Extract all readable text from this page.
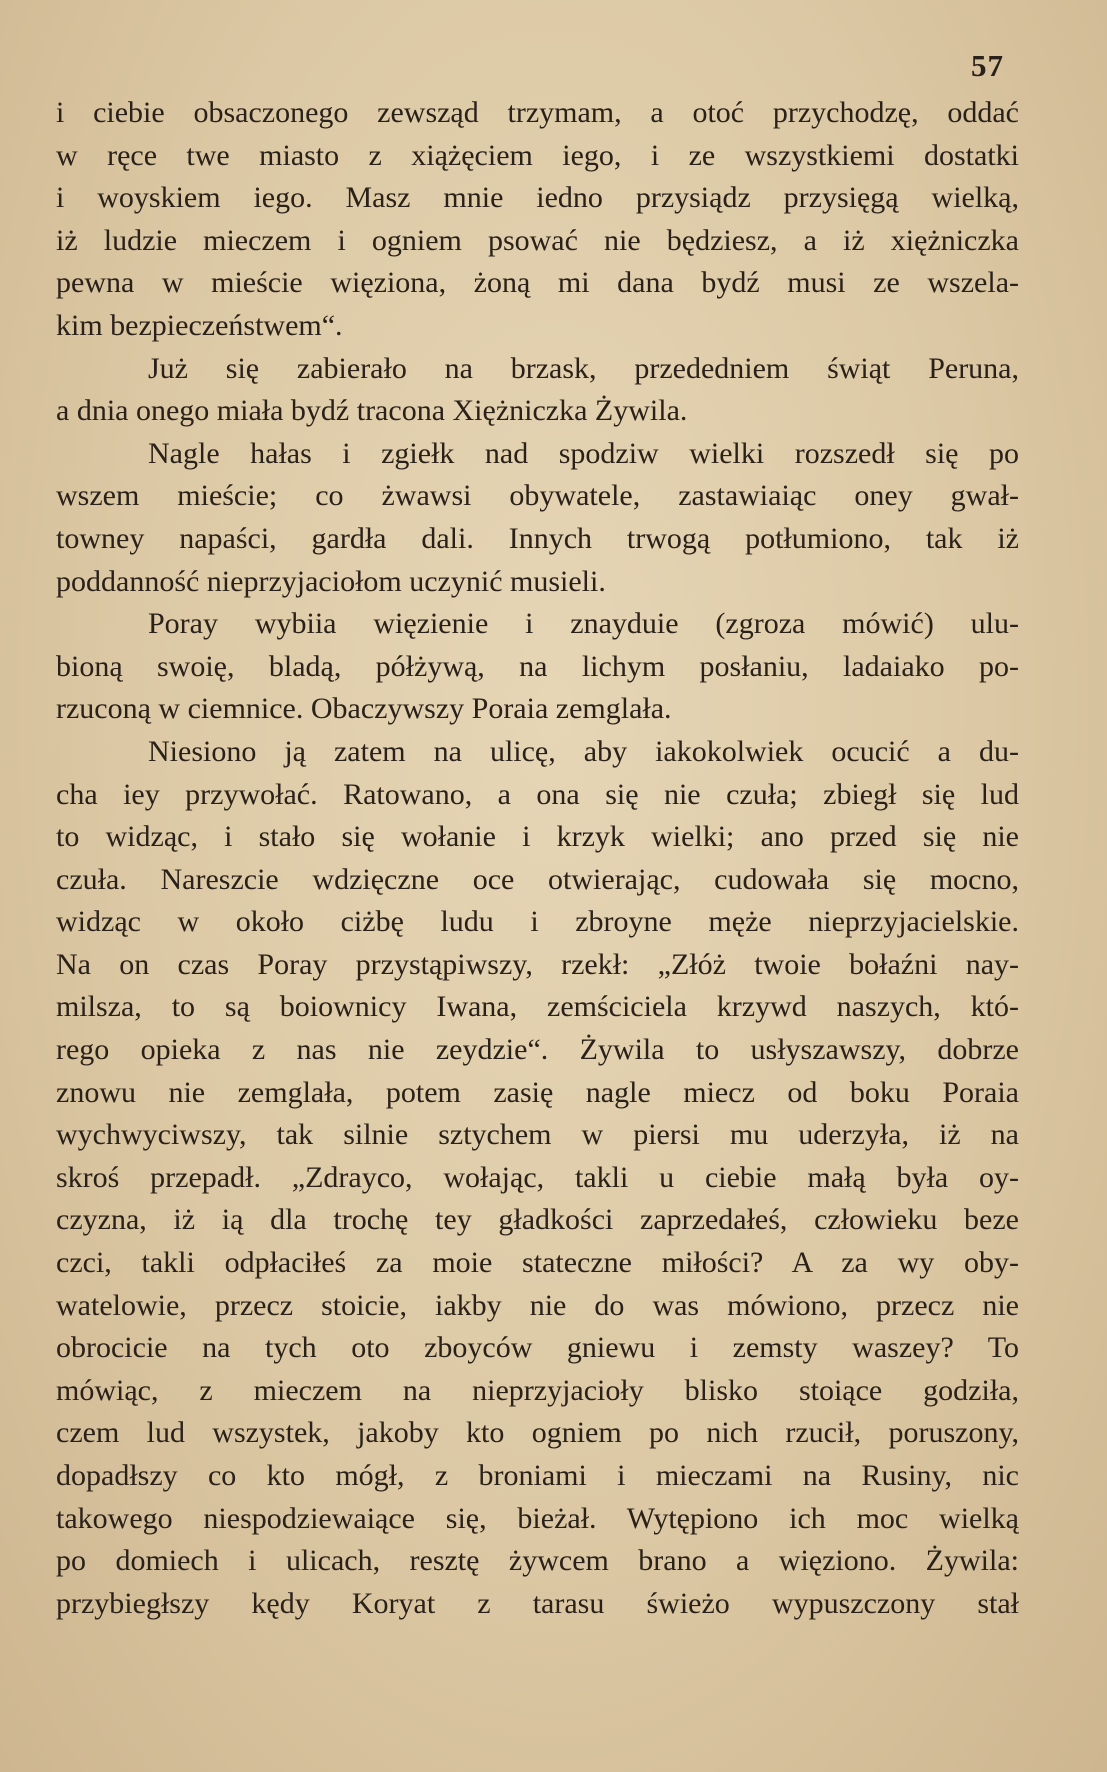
57
i ciebie obsaczonego zewsząd trzymam, a otoć przychodzę, oddać
w ręce twe miasto z xiążęciem iego, i ze wszystkiemi dostatki
i woyskiem iego. Masz mnie iedno przysiądz przysięgą wielką,
iż ludzie mieczem i ogniem psować nie będziesz, a iż xiężniczka
pewna w mieście więziona, żoną mi dana bydź musi ze wszela-
kim bezpieczeństwem“.
Już się zabierało na brzask, przededniem świąt Peruna,
a dnia onego miała bydź tracona Xiężniczka Żywila.
Nagle hałas i zgiełk nad spodziw wielki rozszedł się po
wszem mieście; co żwawsi obywatele, zastawiaiąc oney gwał-
towney napaści, gardła dali. Innych trwogą potłumiono, tak iż
poddanność nieprzyjaciołom uczynić musieli.
Poray wybiia więzienie i znayduie (zgroza mówić) ulu-
bioną swoię, bladą, półżywą, na lichym posłaniu, ladaiako po-
rzuconą w ciemnice. Obaczywszy Poraia zemglała.
Niesiono ją zatem na ulicę, aby iakokolwiek ocucić a du-
cha iey przywołać. Ratowano, a ona się nie czuła; zbiegł się lud
to widząc, i stało się wołanie i krzyk wielki; ano przed się nie
czuła. Nareszcie wdzięczne oce otwierając, cudowała się mocno,
widząc w około ciżbę ludu i zbroyne męże nieprzyjacielskie.
Na on czas Poray przystąpiwszy, rzekł: „Złóż twoie bołaźni nay-
milsza, to są boiownicy Iwana, zemściciela krzywd naszych, któ-
rego opieka z nas nie zeydzie“. Żywila to usłyszawszy, dobrze
znowu nie zemglała, potem zasię nagle miecz od boku Poraia
wychwyciwszy, tak silnie sztychem w piersi mu uderzyła, iż na
skroś przepadł. „Zdrayco, wołając, takli u ciebie małą była oy-
czyzna, iż ią dla trochę tey gładkości zaprzedałeś, człowieku beze
czci, takli odpłaciłeś za moie stateczne miłości? A za wy oby-
watelowie, przecz stoicie, iakby nie do was mówiono, przecz nie
obrocicie na tych oto zboyców gniewu i zemsty waszey? To
mówiąc, z mieczem na nieprzyjacioły blisko stoiące godziła,
czem lud wszystek, jakoby kto ogniem po nich rzucił, poruszony,
dopadłszy co kto mógł, z broniami i mieczami na Rusiny, nic
takowego niespodziewaiące się, bieżał. Wytępiono ich moc wielką
po domiech i ulicach, resztę żywcem brano a więziono. Żywila:
przybiegłszy kędy Koryat z tarasu świeżo wypuszczony stał
